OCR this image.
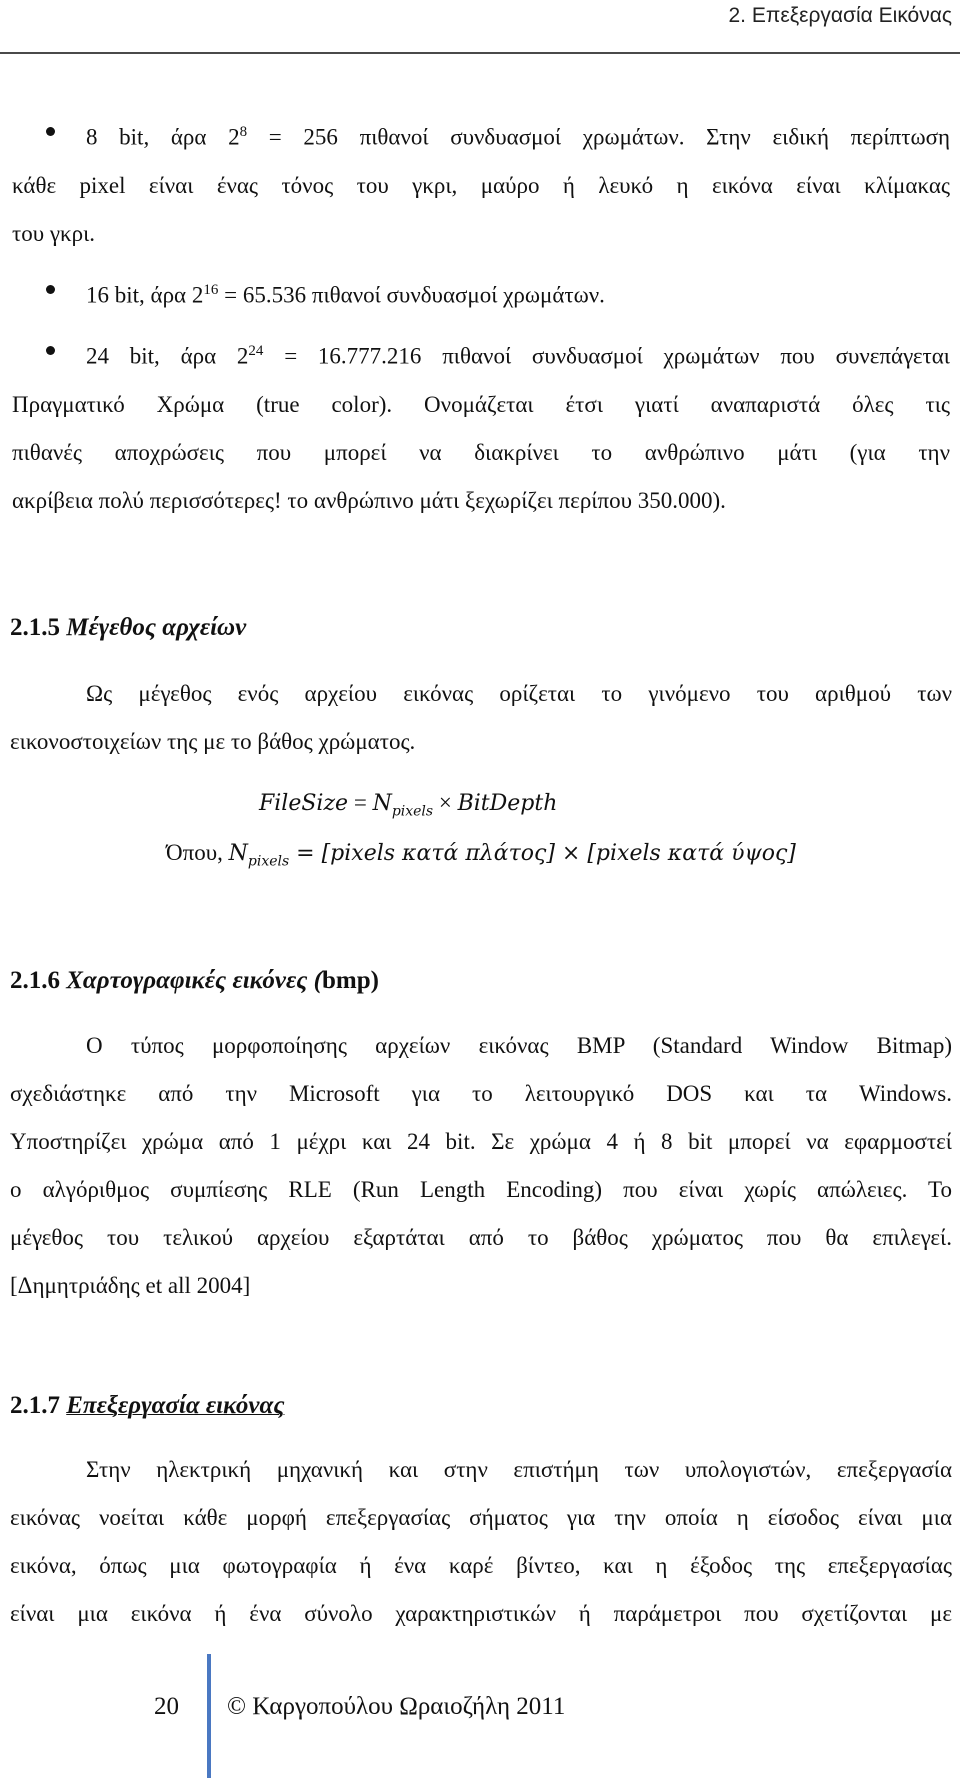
2. Επεξεργασία Εικόνας

8 bit, άρα $2^8 = 256$ πιθανοί συνδυασμοί χρωμάτων. Στην ειδική περίπτωση

κάθε pixel είναι ένας τόνος του γκρι, μαύρο ή λευκό η εικόνα είναι κλίμακας

του γκρι.

16 bit, άρα $2^{16} = 65.536$ πιθανοί συνδυασμοί χρωμάτων.

24 bit, άρα $2^{24} = 16.777.216$ πιθανοί συνδυασμοί χρωμάτων που συνεπάγεται

Πραγματικό Χρώμα (true color). Ονομάζεται έτσι γιατί αναπαριστά όλες τις

πιθανές αποχρώσεις που μπορεί να διακρίνει το ανθρώπινο μάτι (για την

ακρίβεια πολύ περισσότερες! το ανθρώπινο μάτι ξεχωρίζει περίπου 350.000).

2.1.5 Μέγεθος αρχείων

Ως μέγεθος ενός αρχείου εικόνας ορίζεται το γινόμενο του αριθμού των

εικονοστοιχείων της με το βάθος χρώματος.

FileSize = $N_{pixels}$ × BitDepth
Όπου, $N_{pixels}$ = [pixels κατά πλάτος] × [pixels κατά ύψος]
2.1.6 Χαρτογραφικές εικόνες (bmp)

Ο τύπος μορφοποίησης αρχείων εικόνας BMP (Standard Window Bitmap)

σχεδιάστηκε από την Microsoft για το λειτουργικό DOS και τα Windows.

Υποστηρίζει χρώμα από 1 μέχρι και 24 bit. Σε χρώμα 4 ή 8 bit μπορεί να εφαρμοστεί

ο αλγόριθμος συμπίεσης RLE (Run Length Encoding) που είναι χωρίς απώλειες. Το

μέγεθος του τελικού αρχείου εξαρτάται από το βάθος χρώματος που θα επιλεγεί.

[Δημητριάδης et all 2004]

2.1.7 Επεξεργασία εικόνας

Στην ηλεκτρική μηχανική και στην επιστήμη των υπολογιστών, επεξεργασία

εικόνας νοείται κάθε μορφή επεξεργασίας σήματος για την οποία η είσοδος είναι μια

εικόνα, όπως μια φωτογραφία ή ένα καρέ βίντεο, και η έξοδος της επεξεργασίας

είναι μια εικόνα ή ένα σύνολο χαρακτηριστικών ή παράμετροι που σχετίζονται με

20 © Καργοπούλου Ωραιοζήλη 2011
